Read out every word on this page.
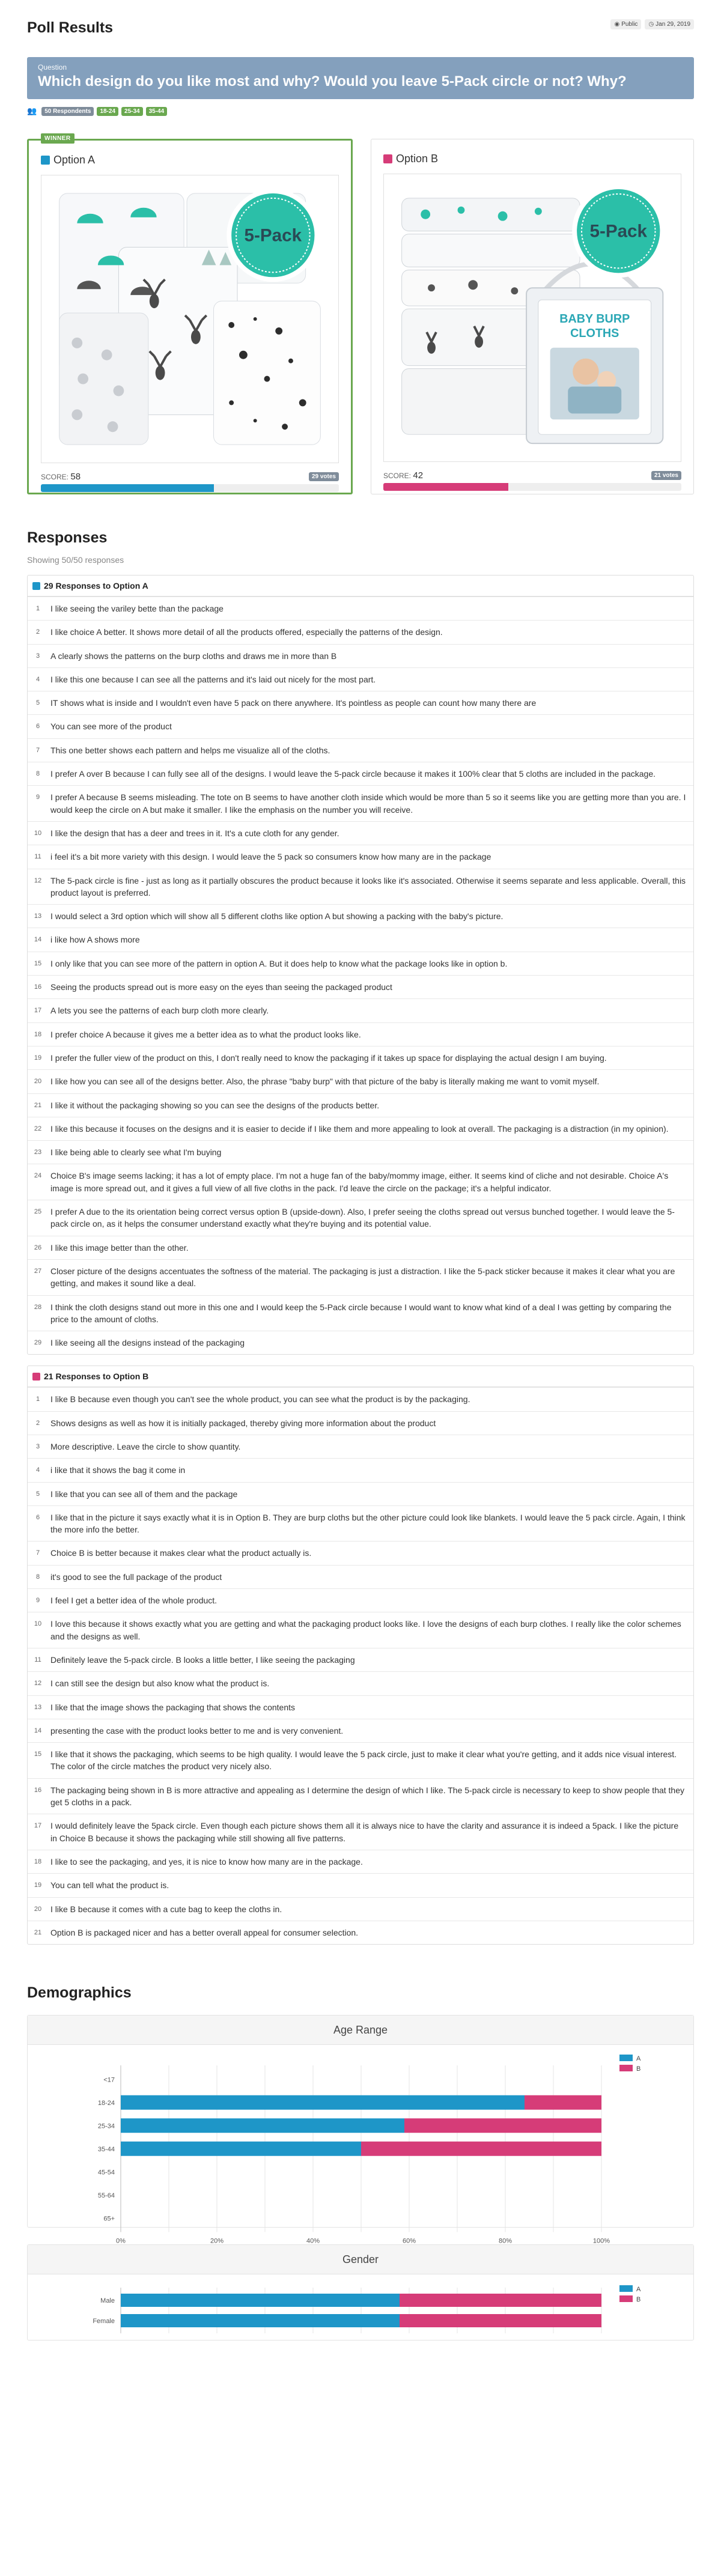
Poll Results	◉ Public ◷ Jan 29, 2019
Question
Which design do you like most and why? Would you leave 5-Pack circle or not? Why?
👥	50 Respondents	18-24	25-34	35-44
WINNER
Option A
5-Pack
SCORE: 58	29 votes
Option B
BABY BURP
CLOTHS
5-Pack
SCORE: 42	21 votes
Responses
Showing 50/50 responses
29 Responses to Option A
1	I like seeing the variley bette than the package
2	I like choice A better. It shows more detail of all the products offered, especially the patterns of the design.
3	A clearly shows the patterns on the burp cloths and draws me in more than B
4	I like this one because I can see all the patterns and it's laid out nicely for the most part.
5	IT shows what is inside and I wouldn't even have 5 pack on there anywhere. It's pointless as people can count how many there are
6	You can see more of the product
7	This one better shows each pattern and helps me visualize all of the cloths.
8	I prefer A over B because I can fully see all of the designs. I would leave the 5-pack circle because it makes it 100% clear that 5 cloths are included in the package.
9	I prefer A because B seems misleading. The tote on B seems to have another cloth inside which would be more than 5 so it seems like you are getting more than you are. I would keep the circle on A but make it smaller. I like the emphasis on the number you will receive.
10	I like the design that has a deer and trees in it. It's a cute cloth for any gender.
11	i feel it's a bit more variety with this design. I would leave the 5 pack so consumers know how many are in the package
12	The 5-pack circle is fine - just as long as it partially obscures the product because it looks like it's associated. Otherwise it seems separate and less applicable. Overall, this product layout is preferred.
13	I would select a 3rd option which will show all 5 different cloths like option A but showing a packing with the baby's picture.
14	i like how A shows more
15	I only like that you can see more of the pattern in option A. But it does help to know what the package looks like in option b.
16	Seeing the products spread out is more easy on the eyes than seeing the packaged product
17	A lets you see the patterns of each burp cloth more clearly.
18	I prefer choice A because it gives me a better idea as to what the product looks like.
19	I prefer the fuller view of the product on this, I don't really need to know the packaging if it takes up space for displaying the actual design I am buying.
20	I like how you can see all of the designs better. Also, the phrase "baby burp" with that picture of the baby is literally making me want to vomit myself.
21	I like it without the packaging showing so you can see the designs of the products better.
22	I like this because it focuses on the designs and it is easier to decide if I like them and more appealing to look at overall. The packaging is a distraction (in my opinion).
23	I like being able to clearly see what I'm buying
24	Choice B's image seems lacking; it has a lot of empty place. I'm not a huge fan of the baby/mommy image, either. It seems kind of cliche and not desirable. Choice A's image is more spread out, and it gives a full view of all five cloths in the pack. I'd leave the circle on the package; it's a helpful indicator.
25	I prefer A due to the its orientation being correct versus option B (upside-down). Also, I prefer seeing the cloths spread out versus bunched together. I would leave the 5-pack circle on, as it helps the consumer understand exactly what they're buying and its potential value.
26	I like this image better than the other.
27	Closer picture of the designs accentuates the softness of the material. The packaging is just a distraction. I like the 5-pack sticker because it makes it clear what you are getting, and makes it sound like a deal.
28	I think the cloth designs stand out more in this one and I would keep the 5-Pack circle because I would want to know what kind of a deal I was getting by comparing the price to the amount of cloths.
29	I like seeing all the designs instead of the packaging
21 Responses to Option B
1	I like B because even though you can't see the whole product, you can see what the product is by the packaging.
2	Shows designs as well as how it is initially packaged, thereby giving more information about the product
3	More descriptive. Leave the circle to show quantity.
4	i like that it shows the bag it come in
5	I like that you can see all of them and the package
6	I like that in the picture it says exactly what it is in Option B. They are burp cloths but the other picture could look like blankets. I would leave the 5 pack circle. Again, I think the more info the better.
7	Choice B is better because it makes clear what the product actually is.
8	it's good to see the full package of the product
9	I feel I get a better idea of the whole product.
10	I love this because it shows exactly what you are getting and what the packaging product looks like. I love the designs of each burp clothes. I really like the color schemes and the designs as well.
11	Definitely leave the 5-pack circle. B looks a little better, I like seeing the packaging
12	I can still see the design but also know what the product is.
13	I like that the image shows the packaging that shows the contents
14	presenting the case with the product looks better to me and is very convenient.
15	I like that it shows the packaging, which seems to be high quality. I would leave the 5 pack circle, just to make it clear what you're getting, and it adds nice visual interest. The color of the circle matches the product very nicely also.
16	The packaging being shown in B is more attractive and appealing as I determine the design of which I like. The 5-pack circle is necessary to keep to show people that they get 5 cloths in a pack.
17	I would definitely leave the 5pack circle. Even though each picture shows them all it is always nice to have the clarity and assurance it is indeed a 5pack. I like the picture in Choice B because it shows the packaging while still showing all five patterns.
18	I like to see the packaging, and yes, it is nice to know how many are in the package.
19	You can tell what the product is.
20	I like B because it comes with a cute bag to keep the cloths in.
21	Option B is packaged nicer and has a better overall appeal for consumer selection.
Demographics
Age Range
<17
18-24
25-34
35-44
45-54
55-64
65+
0%	20%	40%	60%	80%	100%
A
B
Gender
Male
Female
A
B
